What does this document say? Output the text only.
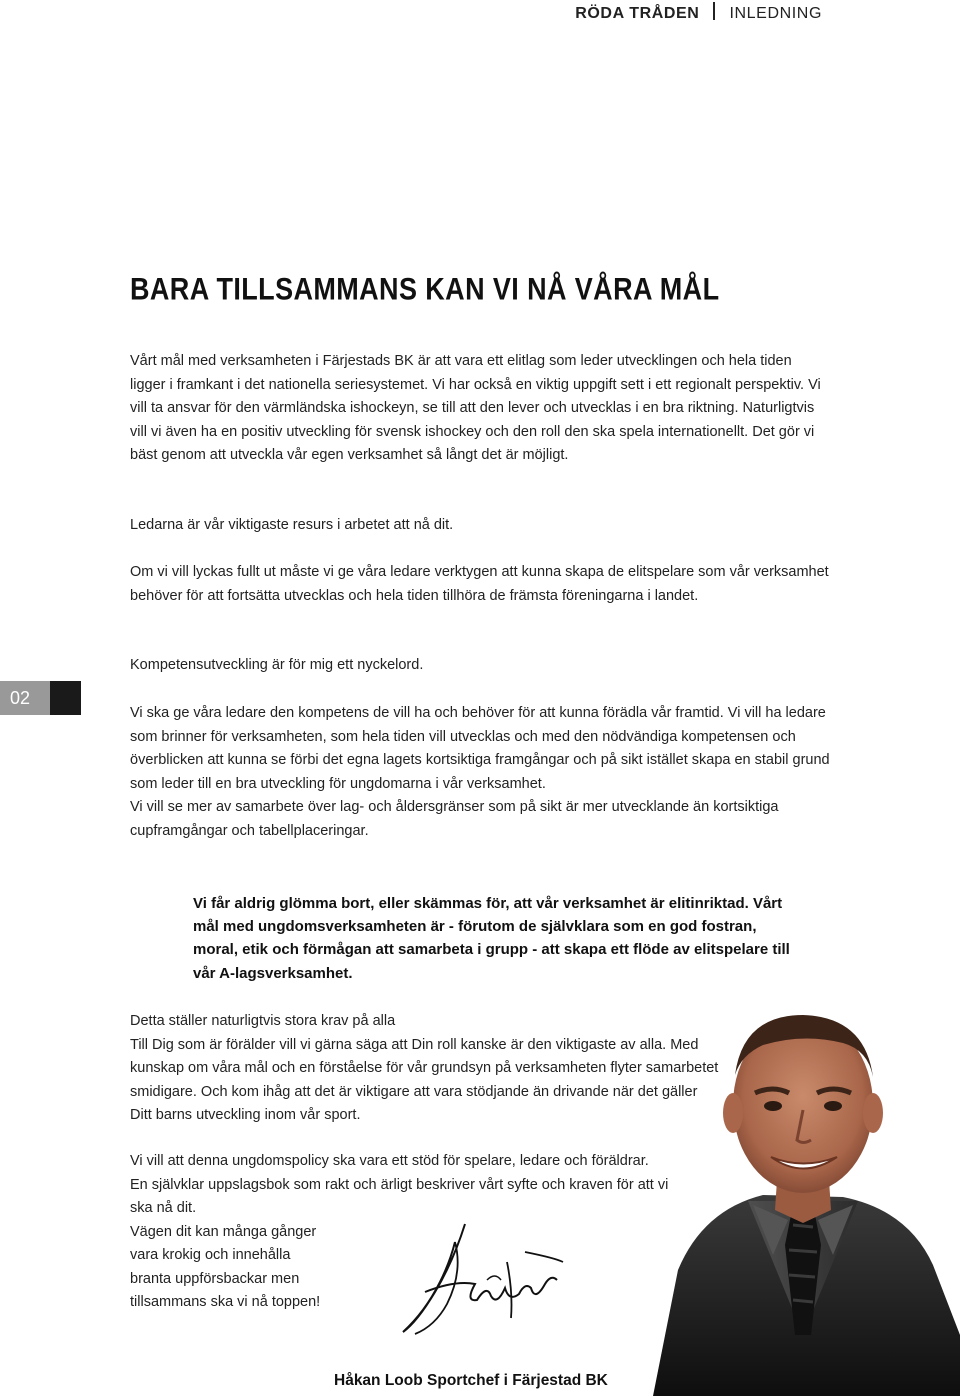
RÖDA TRÅDEN INLEDNING
BARA TILLSAMMANS KAN VI NÅ VÅRA MÅL

Vårt mål med verksamheten i Färjestads BK är att vara ett elitlag som leder utvecklingen och hela tiden ligger i framkant i det nationella seriesystemet. Vi har också en viktig uppgift sett i ett regionalt perspektiv. Vi vill ta ansvar för den värmländska ishockeyn, se till att den lever och utvecklas i en bra riktning. Naturligtvis vill vi även ha en positiv utveckling för svensk ishockey och den roll den ska spela internationellt. Det gör vi bäst genom att utveckla vår egen verksamhet så långt det är möjligt.

Ledarna är vår viktigaste resurs i arbetet att nå dit.

Om vi vill lyckas fullt ut måste vi ge våra ledare verktygen att kunna skapa de elitspelare som vår verksamhet behöver för att fortsätta utvecklas och hela tiden tillhöra de främsta föreningarna i landet.

Kompetensutveckling är för mig ett nyckelord.

Vi ska ge våra ledare den kompetens de vill ha och behöver för att kunna förädla vår framtid. Vi vill ha ledare som brinner för verksamheten, som hela tiden vill utvecklas och med den nödvändiga kompetensen och överblicken att kunna se förbi det egna lagets kortsiktiga framgångar och på sikt istället skapa en stabil grund som leder till en bra utveckling för ungdomarna i vår verksamhet.

Vi vill se mer av samarbete över lag- och åldersgränser som på sikt är mer utvecklande än kortsiktiga cupframgångar och tabellplaceringar.

02
Vi får aldrig glömma bort, eller skämmas för, att vår verksamhet är elitinriktad. Vårt mål med ungdomsverksamheten är - förutom de självklara som en god fostran, moral, etik och förmågan att samarbeta i grupp - att skapa ett flöde av elitspelare till vår A-lagsverksamhet.

Detta ställer naturligtvis stora krav på alla

Till Dig som är förälder vill vi gärna säga att Din roll kanske är den viktigaste av alla. Med kunskap om våra mål och en förståelse för vår grundsyn på verksamheten flyter samarbetet smidigare. Och kom ihåg att det är viktigare att vara stödjande än drivande när det gäller Ditt barns utveckling inom vår sport.

Vi vill att denna ungdomspolicy ska vara ett stöd för spelare, ledare och föräldrar. En självklar uppslagsbok som rakt och ärligt beskriver vårt syfte och kraven för att vi ska nå dit.

Vägen dit kan många gånger vara krokig och innehålla branta uppförsbackar men tillsammans ska vi nå toppen!

Håkan Loob Sportchef i Färjestad BK
